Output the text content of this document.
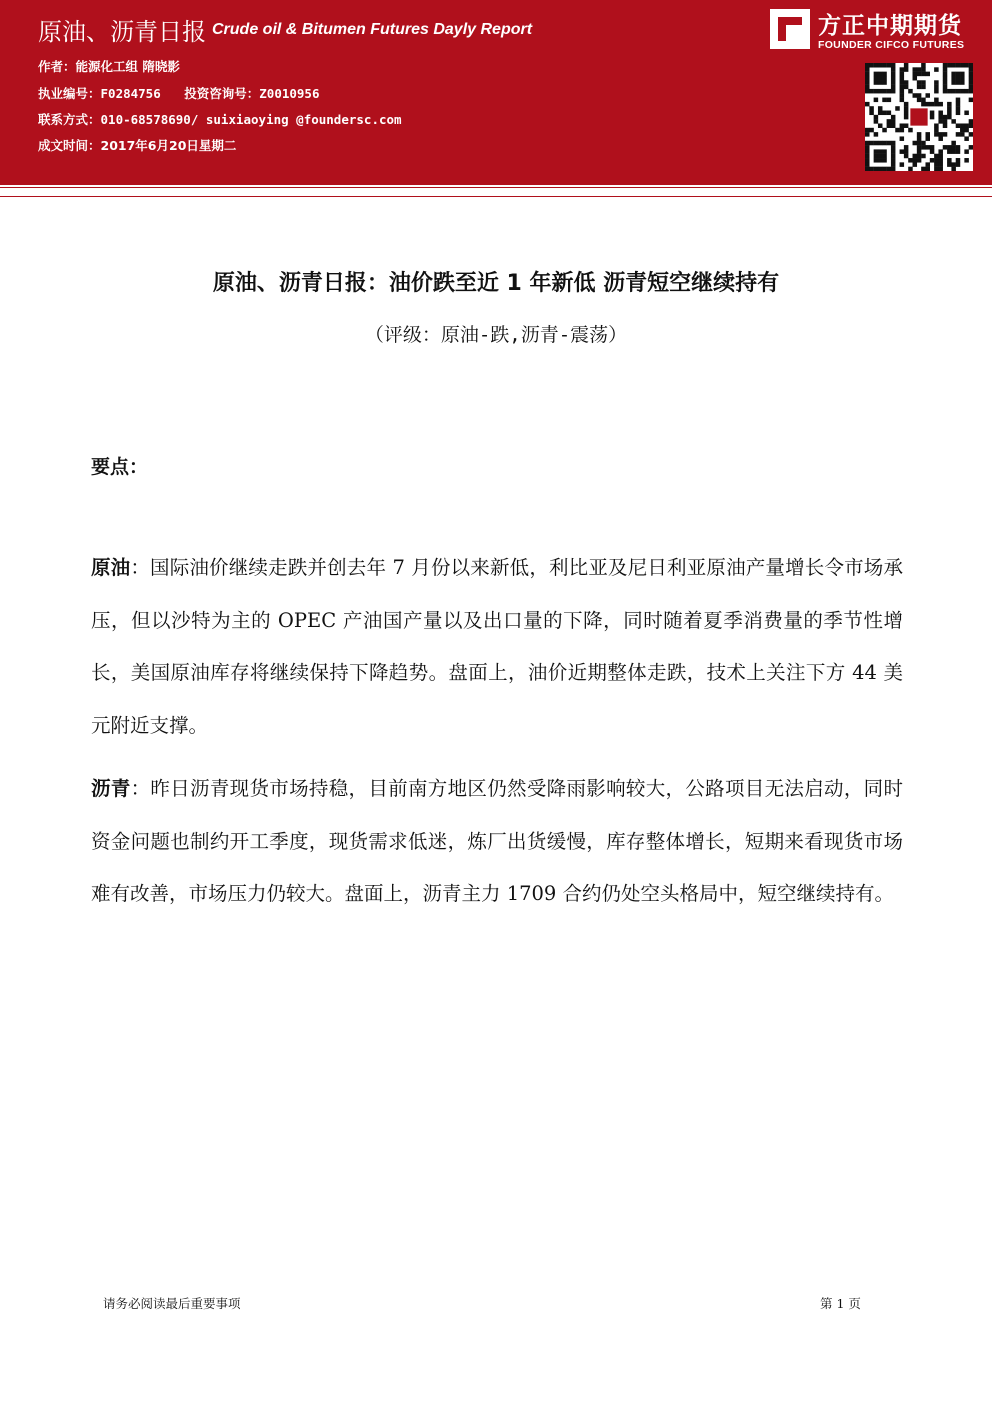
原油、沥青日报 Crude oil & Bitumen Futures Dayly Report
作者：能源化工组 隋晓影
执业编号：F0284756 投资咨询号：Z0010956
联系方式：010-68578690/ suixiaoying @foundersc.com
成文时间：2017年6月20日星期二
方正中期期货
FOUNDER CIFCO FUTURES
原油、沥青日报：油价跌至近 1 年新低 沥青短空继续持有
（评级：原油-跌,沥青-震荡）
要点：
原油：国际油价继续走跌并创去年 7 月份以来新低，利比亚及尼日利亚原油产量增长令市场承压，但以沙特为主的 OPEC 产油国产量以及出口量的下降，同时随着夏季消费量的季节性增长，美国原油库存将继续保持下降趋势。盘面上，油价近期整体走跌，技术上关注下方 44 美元附近支撑。
沥青：昨日沥青现货市场持稳，目前南方地区仍然受降雨影响较大，公路项目无法启动，同时资金问题也制约开工季度，现货需求低迷，炼厂出货缓慢，库存整体增长，短期来看现货市场难有改善，市场压力仍较大。盘面上，沥青主力 1709 合约仍处空头格局中，短空继续持有。
请务必阅读最后重要事项	第 1 页
